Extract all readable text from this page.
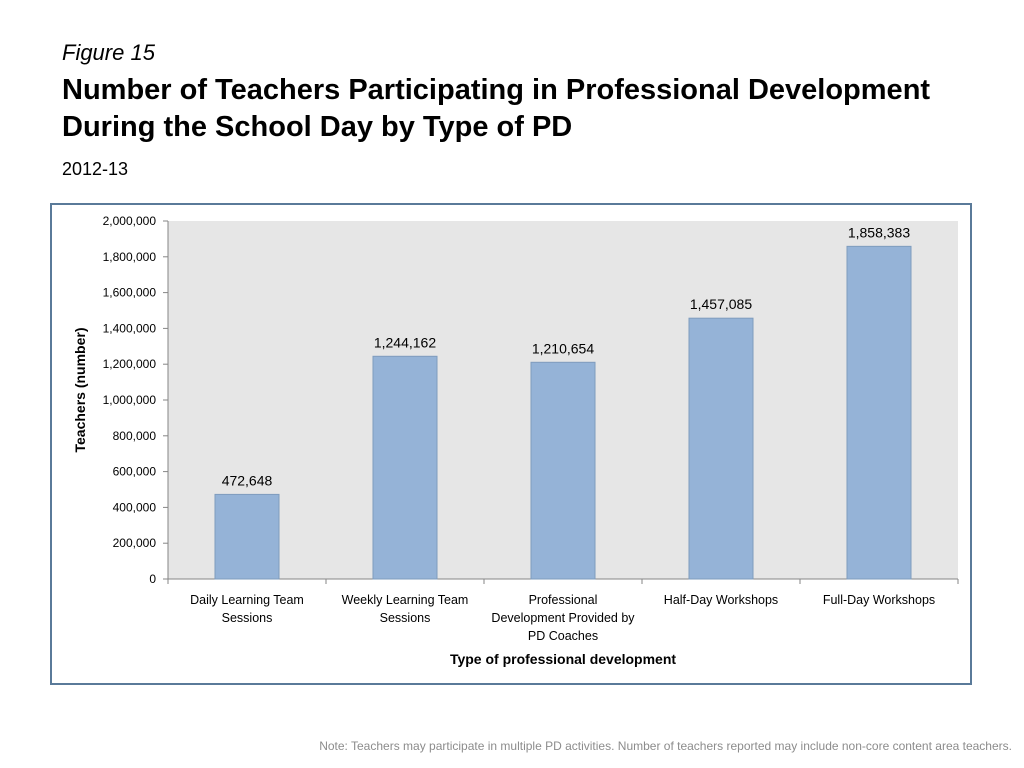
Figure 15
Number of Teachers Participating in Professional Development During the School Day by Type of PD
2012-13
0
200,000
400,000
600,000
800,000
1,000,000
1,200,000
1,400,000
1,600,000
1,800,000
2,000,000
472,648
Daily Learning Team
Sessions
1,244,162
Weekly Learning Team
Sessions
1,210,654
Professional
Development Provided by
PD Coaches
1,457,085
Half-Day Workshops
1,858,383
Full-Day Workshops
Type of professional development
Teachers (number)
Note: Teachers may participate in multiple PD activities. Number of teachers reported may include non-core content area teachers.
